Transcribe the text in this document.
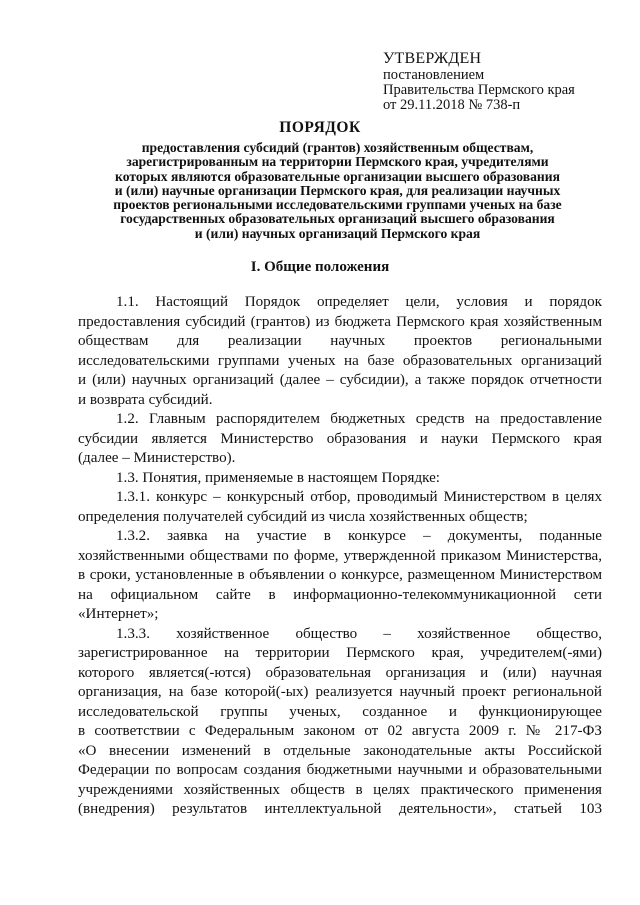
УТВЕРЖДЕН
постановлением
Правительства Пермского края
от 29.11.2018 № 738-п
ПОРЯДОК
предоставления субсидий (грантов) хозяйственным обществам,
зарегистрированным на территории Пермского края, учредителями
которых являются образовательные организации высшего образования
и (или) научные организации Пермского края, для реализации научных
проектов региональными исследовательскими группами ученых на базе
государственных образовательных организаций высшего образования
и (или) научных организаций Пермского края
I. Общие положения
1.1. Настоящий Порядок определяет цели, условия и порядок
предоставления субсидий (грантов) из бюджета Пермского края хозяйственным
обществам для реализации научных проектов региональными
исследовательскими группами ученых на базе образовательных организаций
и (или) научных организаций (далее – субсидии), а также порядок отчетности
и возврата субсидий.
1.2. Главным распорядителем бюджетных средств на предоставление
субсидии является Министерство образования и науки Пермского края
(далее – Министерство).
1.3. Понятия, применяемые в настоящем Порядке:
1.3.1. конкурс – конкурсный отбор, проводимый Министерством в целях
определения получателей субсидий из числа хозяйственных обществ;
1.3.2. заявка на участие в конкурсе – документы, поданные
хозяйственными обществами по форме, утвержденной приказом Министерства,
в сроки, установленные в объявлении о конкурсе, размещенном Министерством
на официальном сайте в информационно-телекоммуникационной сети
«Интернет»;
1.3.3. хозяйственное общество – хозяйственное общество,
зарегистрированное на территории Пермского края, учредителем(-ями)
которого является(-ются) образовательная организация и (или) научная
организация, на базе которой(-ых) реализуется научный проект региональной
исследовательской группы ученых, созданное и функционирующее
в соответствии с Федеральным законом от 02 августа 2009 г. № 217-ФЗ
«О внесении изменений в отдельные законодательные акты Российской
Федерации по вопросам создания бюджетными научными и образовательными
учреждениями хозяйственных обществ в целях практического применения
(внедрения) результатов интеллектуальной деятельности», статьей 103
